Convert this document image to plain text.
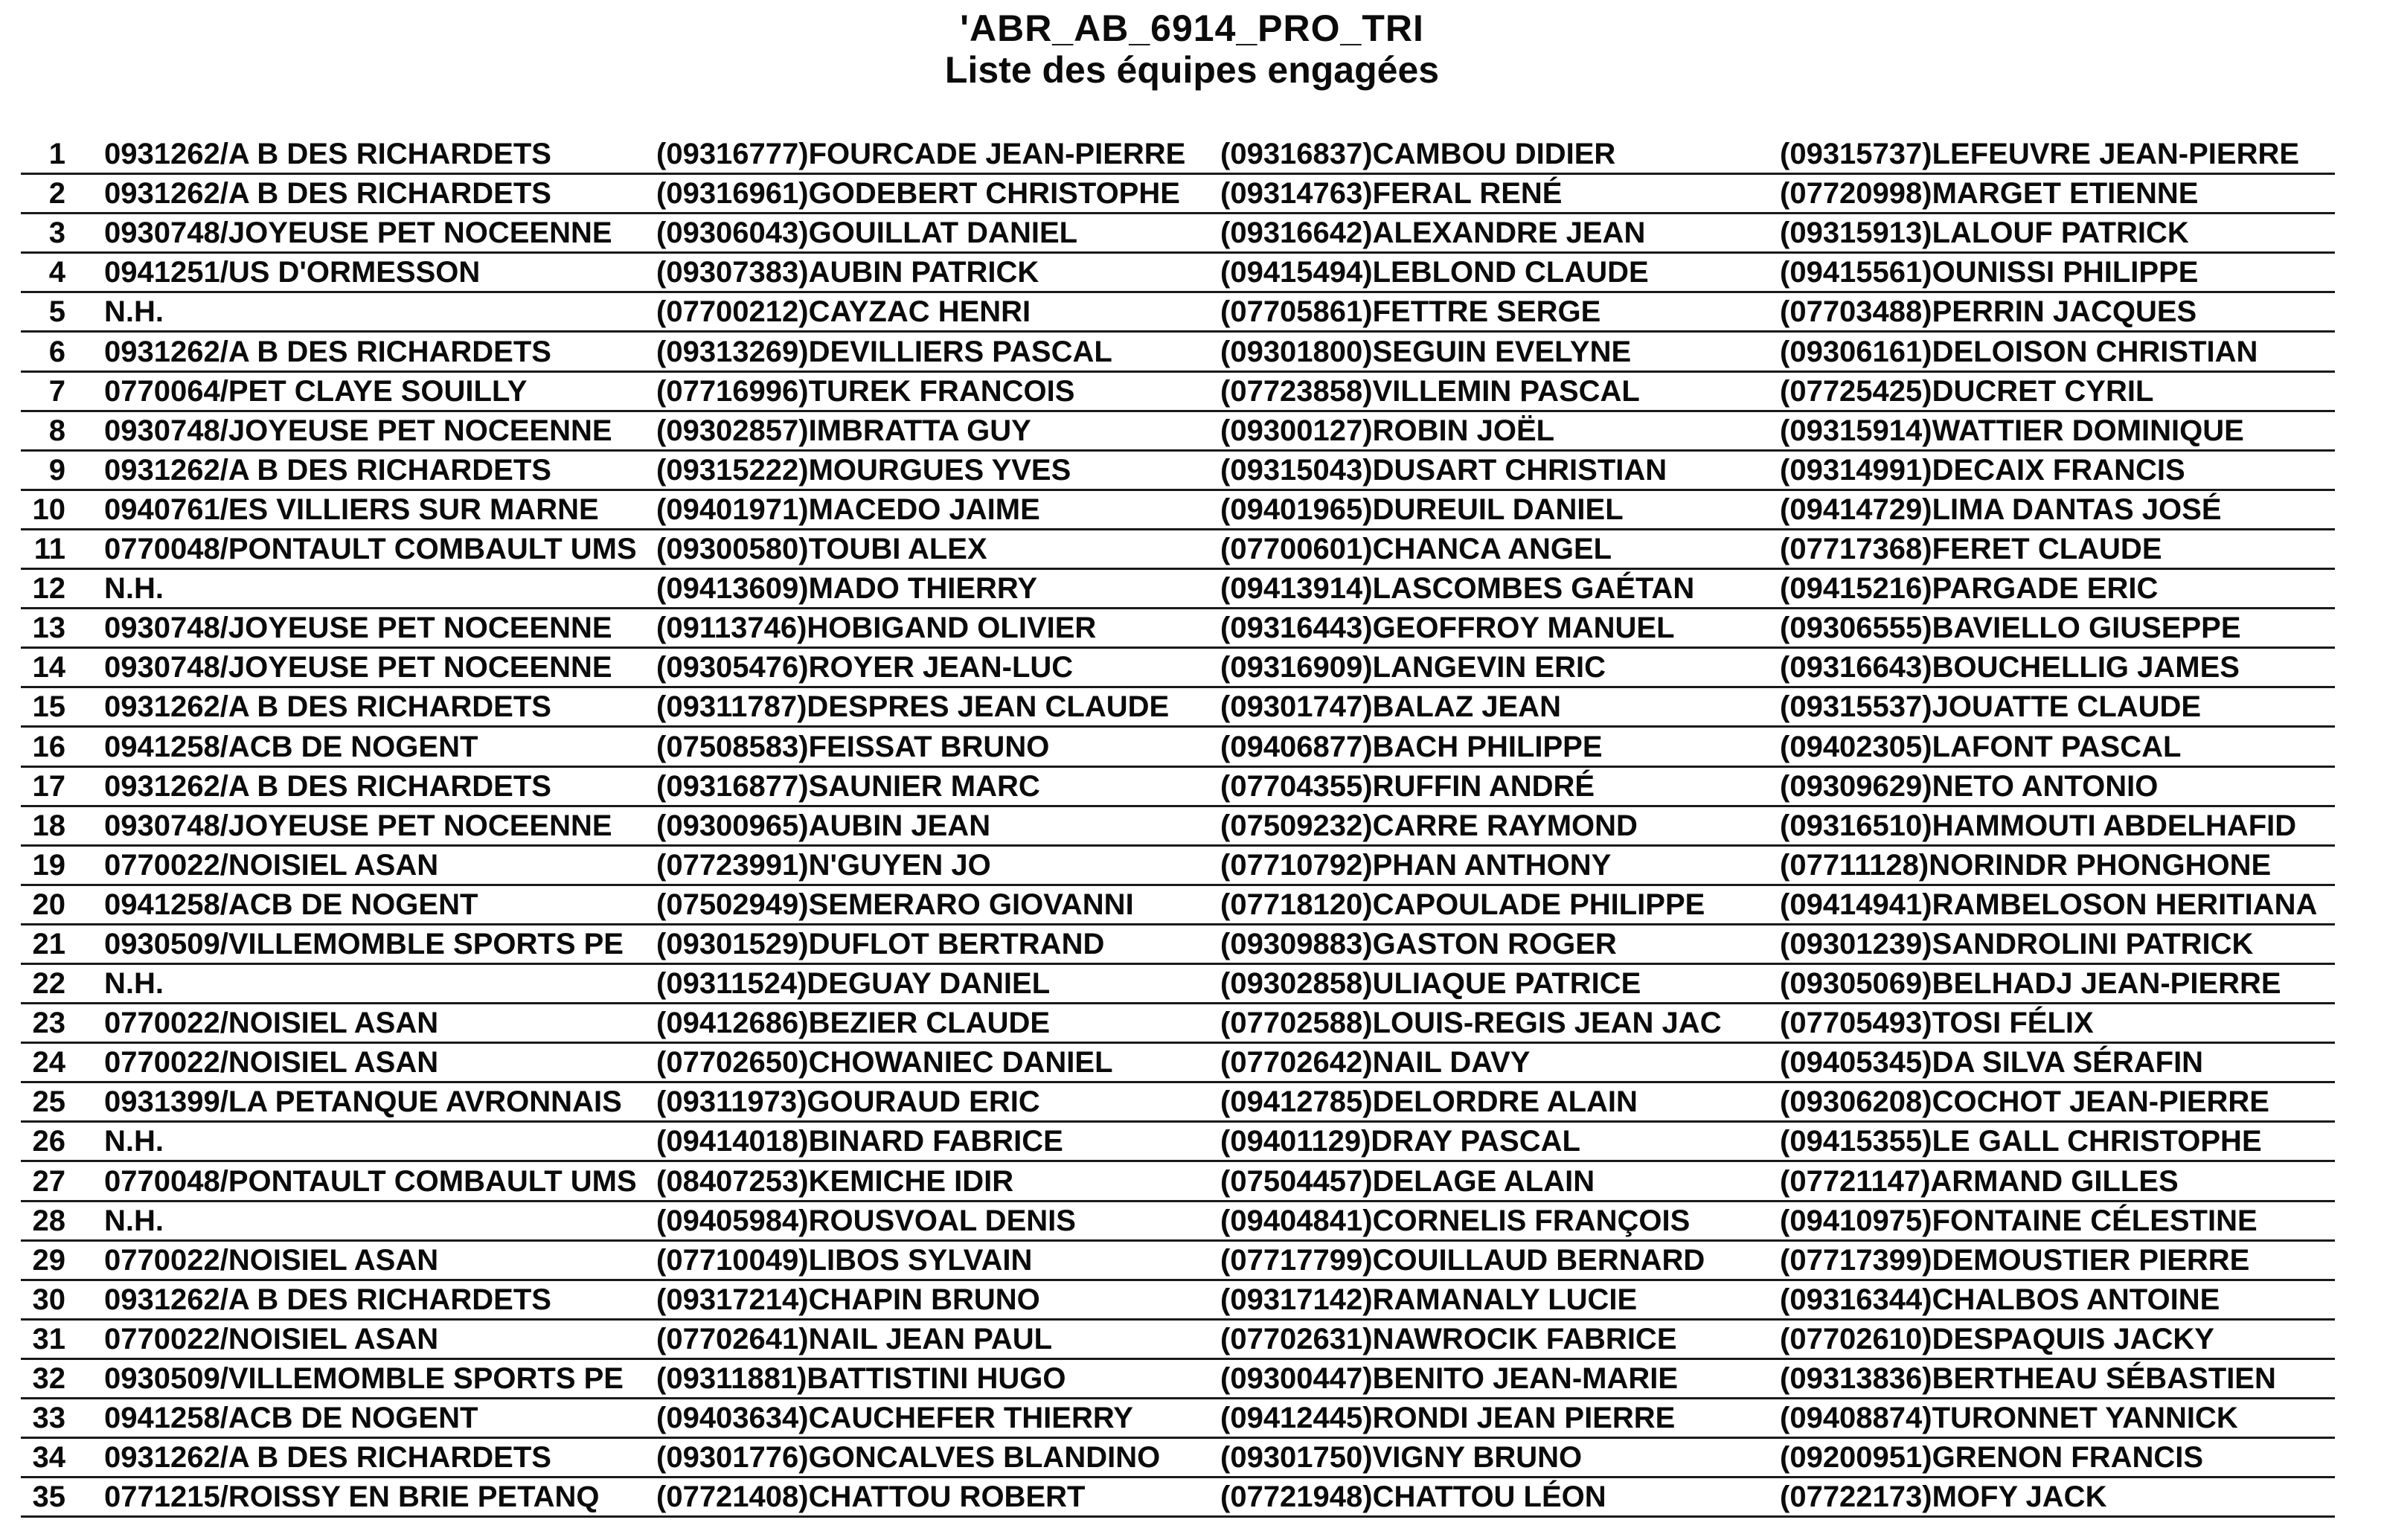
'ABR_AB_6914_PRO_TRI
Liste des équipes engagées
1 0931262/A B DES RICHARDETS	(09316777)FOURCADE JEAN-PIERRE (09316837)CAMBOU DIDIER	(09315737)LEFEUVRE JEAN-PIERRE
2 0931262/A B DES RICHARDETS	(09316961)GODEBERT CHRISTOPHE (09314763)FERAL RENÉ	(07720998)MARGET ETIENNE
3 0930748/JOYEUSE PET NOCEENNE	(09306043)GOUILLAT DANIEL	(09316642)ALEXANDRE JEAN	(09315913)LALOUF PATRICK
4 0941251/US D'ORMESSON	(09307383)AUBIN PATRICK	(09415494)LEBLOND CLAUDE	(09415561)OUNISSI PHILIPPE
5 N.H.	(07700212)CAYZAC HENRI	(07705861)FETTRE SERGE	(07703488)PERRIN JACQUES
6 0931262/A B DES RICHARDETS	(09313269)DEVILLIERS PASCAL	(09301800)SEGUIN EVELYNE	(09306161)DELOISON CHRISTIAN
7 0770064/PET CLAYE SOUILLY	(07716996)TUREK FRANCOIS	(07723858)VILLEMIN PASCAL	(07725425)DUCRET CYRIL
8 0930748/JOYEUSE PET NOCEENNE	(09302857)IMBRATTA GUY	(09300127)ROBIN JOËL	(09315914)WATTIER DOMINIQUE
9 0931262/A B DES RICHARDETS	(09315222)MOURGUES YVES	(09315043)DUSART CHRISTIAN	(09314991)DECAIX FRANCIS
10 0940761/ES VILLIERS SUR MARNE	(09401971)MACEDO JAIME	(09401965)DUREUIL DANIEL	(09414729)LIMA DANTAS JOSÉ
11 0770048/PONTAULT COMBAULT UMS (09300580)TOUBI ALEX	(07700601)CHANCA ANGEL	(07717368)FERET CLAUDE
12 N.H.	(09413609)MADO THIERRY	(09413914)LASCOMBES GAÉTAN	(09415216)PARGADE ERIC
13 0930748/JOYEUSE PET NOCEENNE	(09113746)HOBIGAND OLIVIER	(09316443)GEOFFROY MANUEL	(09306555)BAVIELLO GIUSEPPE
14 0930748/JOYEUSE PET NOCEENNE	(09305476)ROYER JEAN-LUC	(09316909)LANGEVIN ERIC	(09316643)BOUCHELLIG JAMES
15 0931262/A B DES RICHARDETS	(09311787)DESPRES JEAN CLAUDE (09301747)BALAZ JEAN	(09315537)JOUATTE CLAUDE
16 0941258/ACB DE NOGENT	(07508583)FEISSAT BRUNO	(09406877)BACH PHILIPPE	(09402305)LAFONT PASCAL
17 0931262/A B DES RICHARDETS	(09316877)SAUNIER MARC	(07704355)RUFFIN ANDRÉ	(09309629)NETO ANTONIO
18 0930748/JOYEUSE PET NOCEENNE	(09300965)AUBIN JEAN	(07509232)CARRE RAYMOND	(09316510)HAMMOUTI ABDELHAFID
19 0770022/NOISIEL ASAN	(07723991)N'GUYEN JO	(07710792)PHAN ANTHONY	(07711128)NORINDR PHONGHONE
20 0941258/ACB DE NOGENT	(07502949)SEMERARO GIOVANNI	(07718120)CAPOULADE PHILIPPE	(09414941)RAMBELOSON HERITIANA
21 0930509/VILLEMOMBLE SPORTS PE	(09301529)DUFLOT BERTRAND	(09309883)GASTON ROGER	(09301239)SANDROLINI PATRICK
22 N.H.	(09311524)DEGUAY DANIEL	(09302858)ULIAQUE PATRICE	(09305069)BELHADJ JEAN-PIERRE
23 0770022/NOISIEL ASAN	(09412686)BEZIER CLAUDE	(07702588)LOUIS-REGIS JEAN JAC (07705493)TOSI FÉLIX
24 0770022/NOISIEL ASAN	(07702650)CHOWANIEC DANIEL	(07702642)NAIL DAVY	(09405345)DA SILVA SÉRAFIN
25 0931399/LA PETANQUE AVRONNAIS	(09311973)GOURAUD ERIC	(09412785)DELORDRE ALAIN	(09306208)COCHOT JEAN-PIERRE
26 N.H.	(09414018)BINARD FABRICE	(09401129)DRAY PASCAL	(09415355)LE GALL CHRISTOPHE
27 0770048/PONTAULT COMBAULT UMS (08407253)KEMICHE IDIR	(07504457)DELAGE ALAIN	(07721147)ARMAND GILLES
28 N.H.	(09405984)ROUSVOAL DENIS	(09404841)CORNELIS FRANÇOIS	(09410975)FONTAINE CÉLESTINE
29 0770022/NOISIEL ASAN	(07710049)LIBOS SYLVAIN	(07717799)COUILLAUD BERNARD	(07717399)DEMOUSTIER PIERRE
30 0931262/A B DES RICHARDETS	(09317214)CHAPIN BRUNO	(09317142)RAMANALY LUCIE	(09316344)CHALBOS ANTOINE
31 0770022/NOISIEL ASAN	(07702641)NAIL JEAN PAUL	(07702631)NAWROCIK FABRICE	(07702610)DESPAQUIS JACKY
32 0930509/VILLEMOMBLE SPORTS PE	(09311881)BATTISTINI HUGO	(09300447)BENITO JEAN-MARIE	(09313836)BERTHEAU SÉBASTIEN
33 0941258/ACB DE NOGENT	(09403634)CAUCHEFER THIERRY	(09412445)RONDI JEAN PIERRE	(09408874)TURONNET YANNICK
34 0931262/A B DES RICHARDETS	(09301776)GONCALVES BLANDINO (09301750)VIGNY BRUNO	(09200951)GRENON FRANCIS
35 0771215/ROISSY EN BRIE PETANQ	(07721408)CHATTOU ROBERT	(07721948)CHATTOU LÉON	(07722173)MOFY JACK
